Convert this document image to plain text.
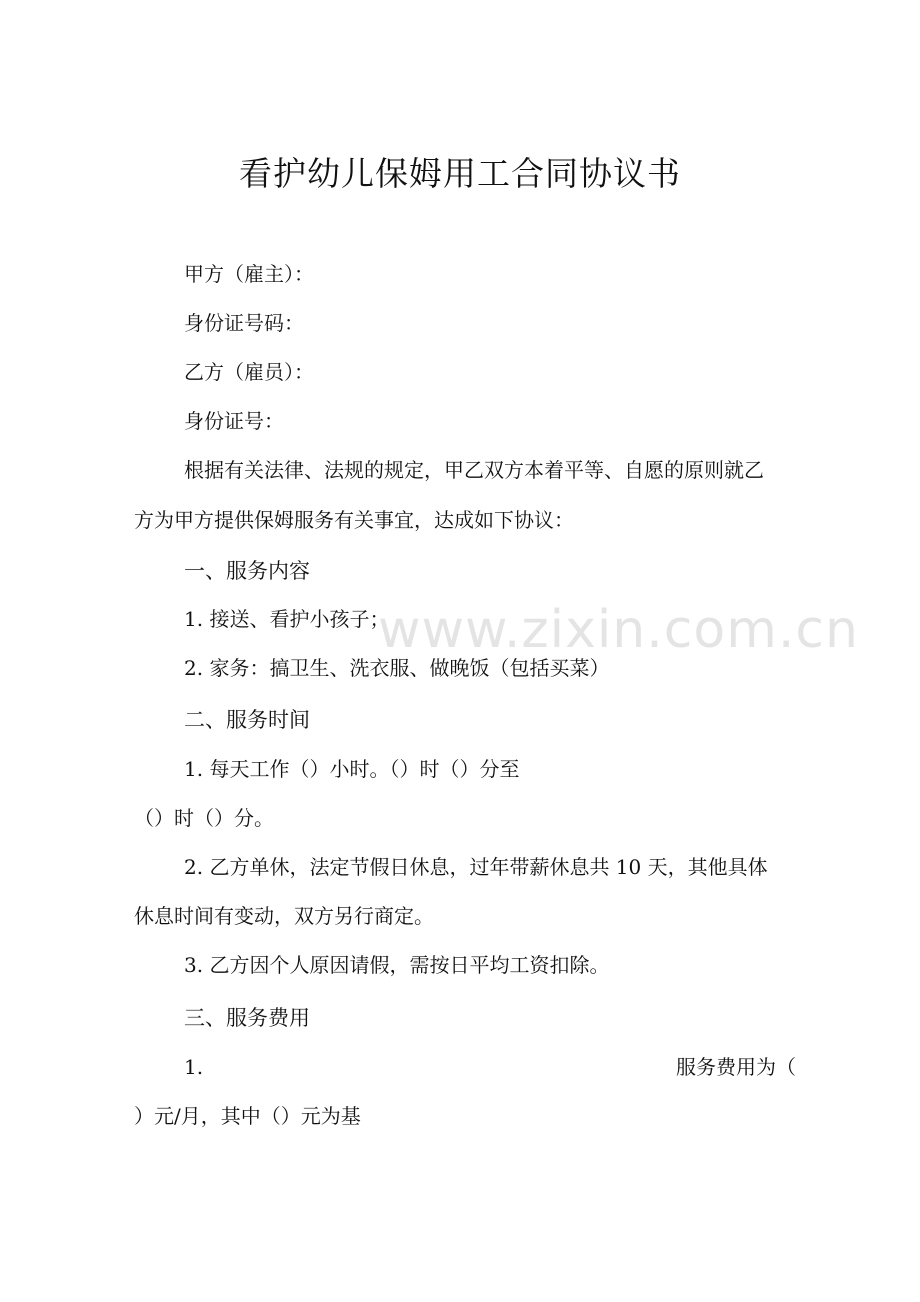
看护幼儿保姆用工合同协议书
甲方（雇主）：
身份证号码：
乙方（雇员）：
身份证号：
根据有关法律、法规的规定，甲乙双方本着平等、自愿的原则就乙
方为甲方提供保姆服务有关事宜，达成如下协议：
一、服务内容
1. 接送、看护小孩子；
2. 家务：搞卫生、洗衣服、做晚饭（包括买菜）
二、服务时间
1. 每天工作（）小时。（）时（）分至
（）时（）分。
2. 乙方单休，法定节假日休息，过年带薪休息共 10 天，其他具体
休息时间有变动，双方另行商定。
3. 乙方因个人原因请假，需按日平均工资扣除。
三、服务费用
1.	服务费用为（
）元/月，其中（）元为基
www.zixin.com.cn
